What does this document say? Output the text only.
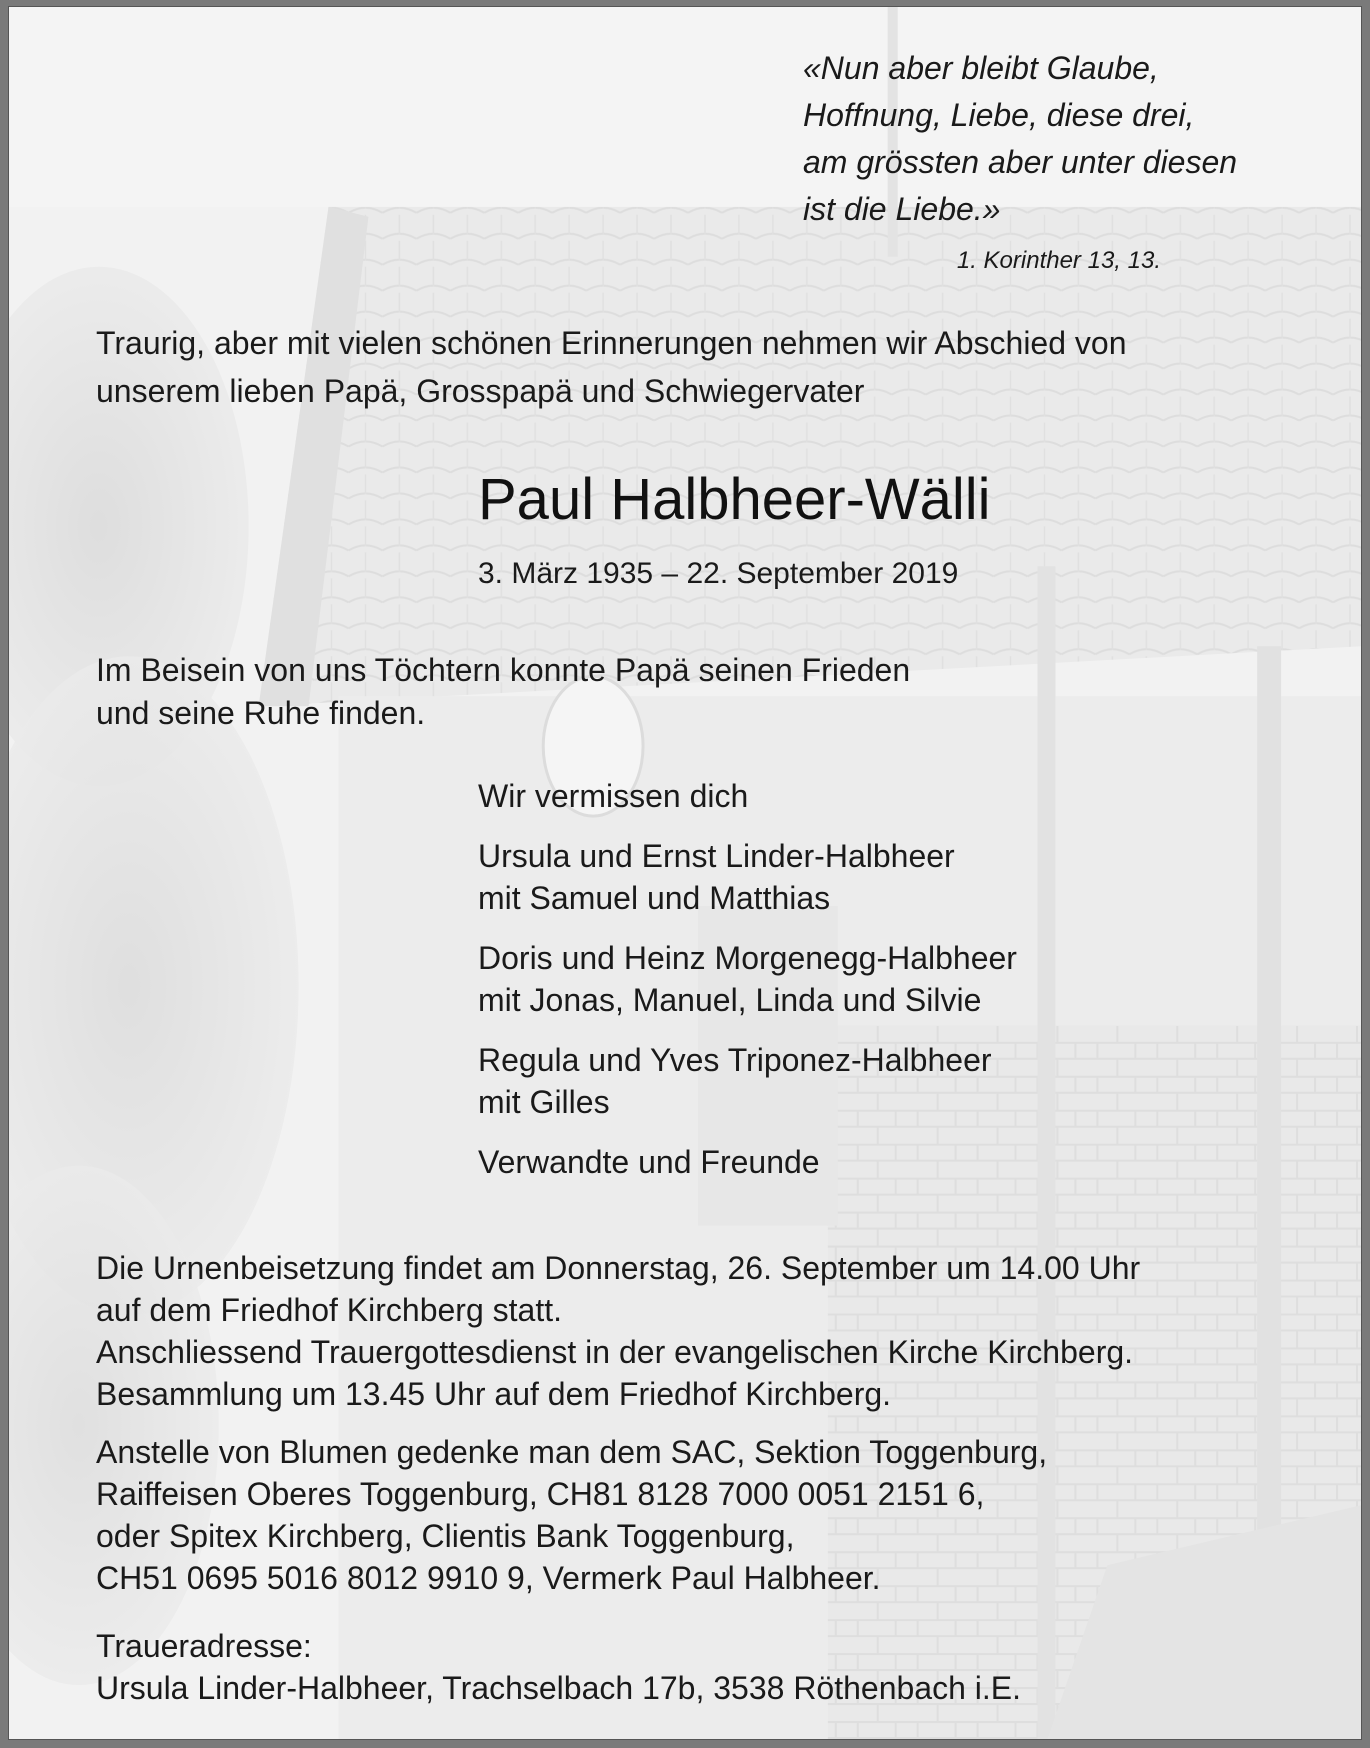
«Nun aber bleibt Glaube,
Hoffnung, Liebe, diese drei,
am grössten aber unter diesen
ist die Liebe.»
1. Korinther 13, 13.
Traurig, aber mit vielen schönen Erinnerungen nehmen wir Abschied von
unserem lieben Papä, Grosspapä und Schwiegervater
Paul Halbheer-Wälli
3. März 1935 – 22. September 2019
Im Beisein von uns Töchtern konnte Papä seinen Frieden
und seine Ruhe finden.
Wir vermissen dich
Ursula und Ernst Linder-Halbheer
mit Samuel und Matthias
Doris und Heinz Morgenegg-Halbheer
mit Jonas, Manuel, Linda und Silvie
Regula und Yves Triponez-Halbheer
mit Gilles
Verwandte und Freunde
Die Urnenbeisetzung findet am Donnerstag, 26. September um 14.00 Uhr
auf dem Friedhof Kirchberg statt.
Anschliessend Trauergottesdienst in der evangelischen Kirche Kirchberg.
Besammlung um 13.45 Uhr auf dem Friedhof Kirchberg.
Anstelle von Blumen gedenke man dem SAC, Sektion Toggenburg,
Raiffeisen Oberes Toggenburg, CH81 8128 7000 0051 2151 6,
oder Spitex Kirchberg, Clientis Bank Toggenburg,
CH51 0695 5016 8012 9910 9, Vermerk Paul Halbheer.
Traueradresse:
Ursula Linder-Halbheer, Trachselbach 17b, 3538 Röthenbach i.E.
